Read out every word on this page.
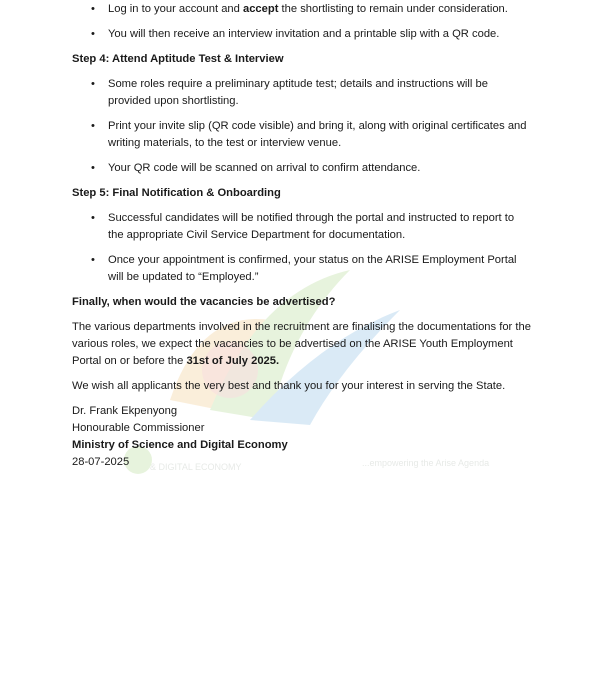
& DIGITAL ECONOMY	...empowering the Arise Agenda
• Log in to your account and accept the shortlisting to remain under consideration.
• You will then receive an interview invitation and a printable slip with a QR code.
Step 4: Attend Aptitude Test & Interview
• Some roles require a preliminary aptitude test; details and instructions will be provided upon shortlisting.
• Print your invite slip (QR code visible) and bring it, along with original certificates and writing materials, to the test or interview venue.
• Your QR code will be scanned on arrival to confirm attendance.
Step 5: Final Notification & Onboarding
• Successful candidates will be notified through the portal and instructed to report to the appropriate Civil Service Department for documentation.
• Once your appointment is confirmed, your status on the ARISE Employment Portal will be updated to “Employed.”
Finally, when would the vacancies be advertised?

The various departments involved in the recruitment are finalising the documentations for the various roles, we expect the vacancies to be advertised on the ARISE Youth Employment Portal on or before the 31st of July 2025.

We wish all applicants the very best and thank you for your interest in serving the State.

Dr. Frank Ekpenyong

Honourable Commissioner

Ministry of Science and Digital Economy

28-07-2025
